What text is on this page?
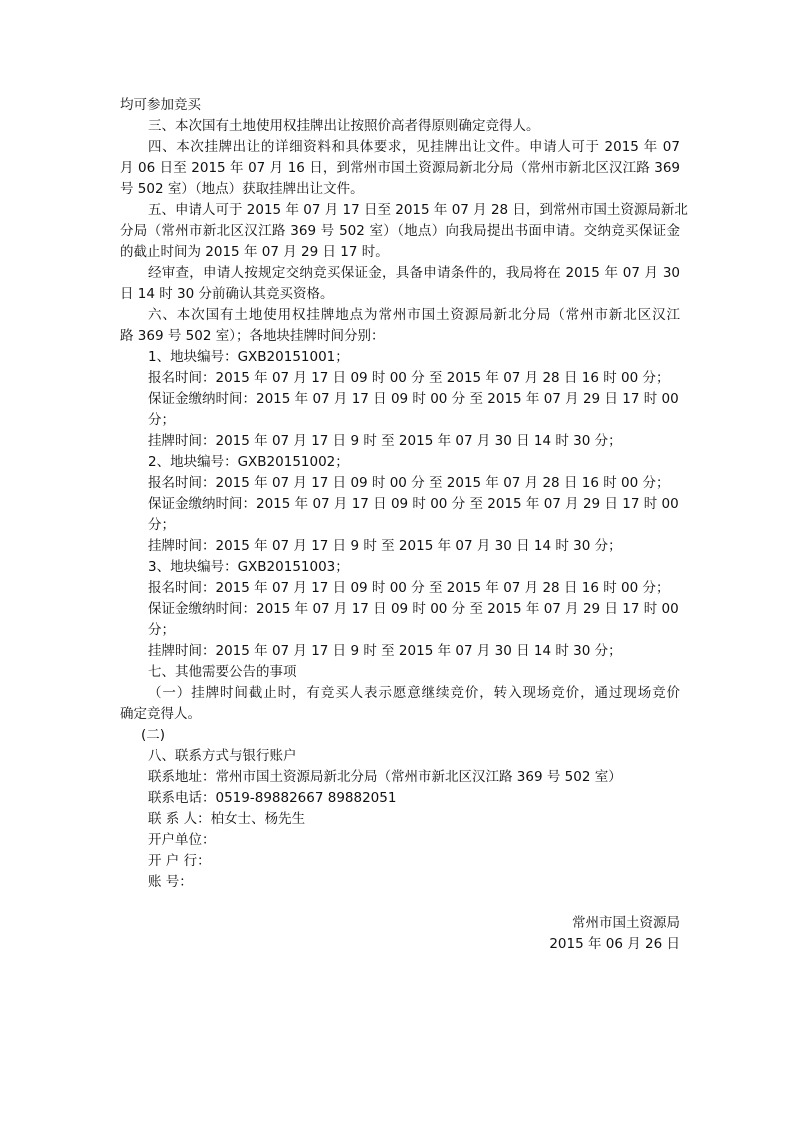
均可参加竞买
三、本次国有土地使用权挂牌出让按照价高者得原则确定竞得人。
四、本次挂牌出让的详细资料和具体要求，见挂牌出让文件。申请人可于 2015 年 07
月 06 日至 2015 年 07 月 16 日，到常州市国土资源局新北分局（常州市新北区汉江路 369
号 502 室）（地点）获取挂牌出让文件。
五、申请人可于 2015 年 07 月 17 日至 2015 年 07 月 28 日，到常州市国土资源局新北
分局（常州市新北区汉江路 369 号 502 室）（地点）向我局提出书面申请。交纳竞买保证金
的截止时间为 2015 年 07 月 29 日 17 时。
经审查，申请人按规定交纳竞买保证金，具备申请条件的，我局将在 2015 年 07 月 30
日 14 时 30 分前确认其竞买资格。
六、本次国有土地使用权挂牌地点为常州市国土资源局新北分局（常州市新北区汉江
路 369 号 502 室）；各地块挂牌时间分别：
1、地块编号：GXB20151001；
报名时间：2015 年 07 月 17 日 09 时 00 分 至 2015 年 07 月 28 日 16 时 00 分；
保证金缴纳时间：2015 年 07 月 17 日 09 时 00 分 至 2015 年 07 月 29 日 17 时 00
分；
挂牌时间：2015 年 07 月 17 日 9 时 至 2015 年 07 月 30 日 14 时 30 分；
2、地块编号：GXB20151002；
报名时间：2015 年 07 月 17 日 09 时 00 分 至 2015 年 07 月 28 日 16 时 00 分；
保证金缴纳时间：2015 年 07 月 17 日 09 时 00 分 至 2015 年 07 月 29 日 17 时 00
分；
挂牌时间：2015 年 07 月 17 日 9 时 至 2015 年 07 月 30 日 14 时 30 分；
3、地块编号：GXB20151003；
报名时间：2015 年 07 月 17 日 09 时 00 分 至 2015 年 07 月 28 日 16 时 00 分；
保证金缴纳时间：2015 年 07 月 17 日 09 时 00 分 至 2015 年 07 月 29 日 17 时 00
分；
挂牌时间：2015 年 07 月 17 日 9 时 至 2015 年 07 月 30 日 14 时 30 分；
七、其他需要公告的事项
（一）挂牌时间截止时，有竞买人表示愿意继续竞价，转入现场竞价，通过现场竞价
确定竞得人。
(二)
八、联系方式与银行账户
联系地址：常州市国土资源局新北分局（常州市新北区汉江路 369 号 502 室）
联系电话：0519-89882667 89882051
联 系 人：柏女士、杨先生
开户单位：
开 户 行：
账 号：
常州市国土资源局
2015 年 06 月 26 日
